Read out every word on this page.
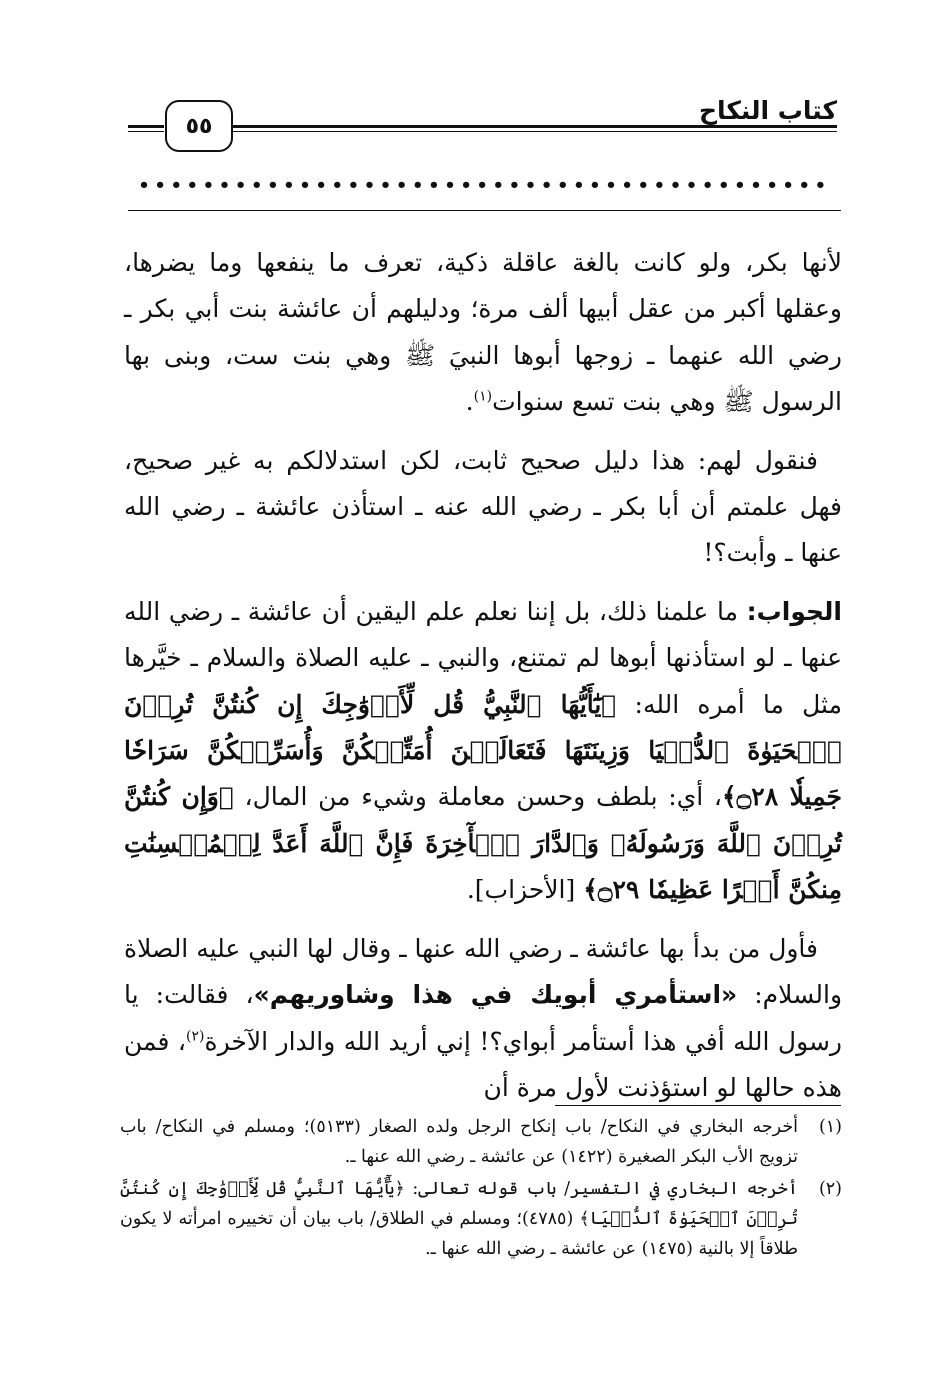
كتاب النكاح
٥٥
•••••••••••••••••••••••••••••••••••••••••••

لأنها بكر، ولو كانت بالغة عاقلة ذكية، تعرف ما ينفعها وما يضرها، وعقلها أكبر من عقل أبيها ألف مرة؛ ودليلهم أن عائشة بنت أبي بكر ـ رضي الله عنهما ـ زوجها أبوها النبيَ ﷺ وهي بنت ست، وبنى بها الرسول ﷺ وهي بنت تسع سنوات$^{(١)}$.

فنقول لهم: هذا دليل صحيح ثابت، لكن استدلالكم به غير صحيح، فهل علمتم أن أبا بكر ـ رضي الله عنه ـ استأذن عائشة ـ رضي الله عنها ـ وأبت؟!

الجواب: ما علمنا ذلك، بل إننا نعلم علم اليقين أن عائشة ـ رضي الله عنها ـ لو استأذنها أبوها لم تمتنع، والنبي ـ عليه الصلاة والسلام ـ خيَّرها مثل ما أمره الله: ﴿يَٰٓأَيُّهَا ٱلنَّبِيُّ قُل لِّأَزۡوَٰجِكَ إِن كُنتُنَّ تُرِدۡنَ ٱلۡحَيَوٰةَ ٱلدُّنۡيَا وَزِينَتَهَا فَتَعَالَيۡنَ أُمَتِّعۡكُنَّ وَأُسَرِّحۡكُنَّ سَرَاحٗا جَمِيلٗا ۝٢٨﴾، أي: بلطف وحسن معاملة وشيء من المال، ﴿وَإِن كُنتُنَّ تُرِدۡنَ ٱللَّهَ وَرَسُولَهُۥ وَٱلدَّارَ ٱلۡأٓخِرَةَ فَإِنَّ ٱللَّهَ أَعَدَّ لِلۡمُحۡسِنَٰتِ مِنكُنَّ أَجۡرًا عَظِيمٗا ۝٢٩﴾ [الأحزاب].

فأول من بدأ بها عائشة ـ رضي الله عنها ـ وقال لها النبي عليه الصلاة والسلام: «استأمري أبويك في هذا وشاوريهم»، فقالت: يا رسول الله أفي هذا أستأمر أبواي؟! إني أريد الله والدار الآخرة$^{(٢)}$، فمن هذه حالها لو استؤذنت لأول مرة أن

(١)
أخرجه البخاري في النكاح/ باب إنكاح الرجل ولده الصغار (٥١٣٣)؛ ومسلم في النكاح/ باب تزويج الأب البكر الصغيرة (١٤٢٢) عن عائشة ـ رضي الله عنها ـ.
(٢)
أخرجه البخاري في التفسير/ باب قوله تعالى: ﴿يَٰٓأَيُّهَا ٱلنَّبِيُّ قُل لِّأَزۡوَٰجِكَ إِن كُنتُنَّ تُرِدۡنَ ٱلۡحَيَوٰةَ ٱلدُّنۡيَا﴾ (٤٧٨٥)؛ ومسلم في الطلاق/ باب بيان أن تخييره امرأته لا يكون طلاقاً إلا بالنية (١٤٧٥) عن عائشة ـ رضي الله عنها ـ.
